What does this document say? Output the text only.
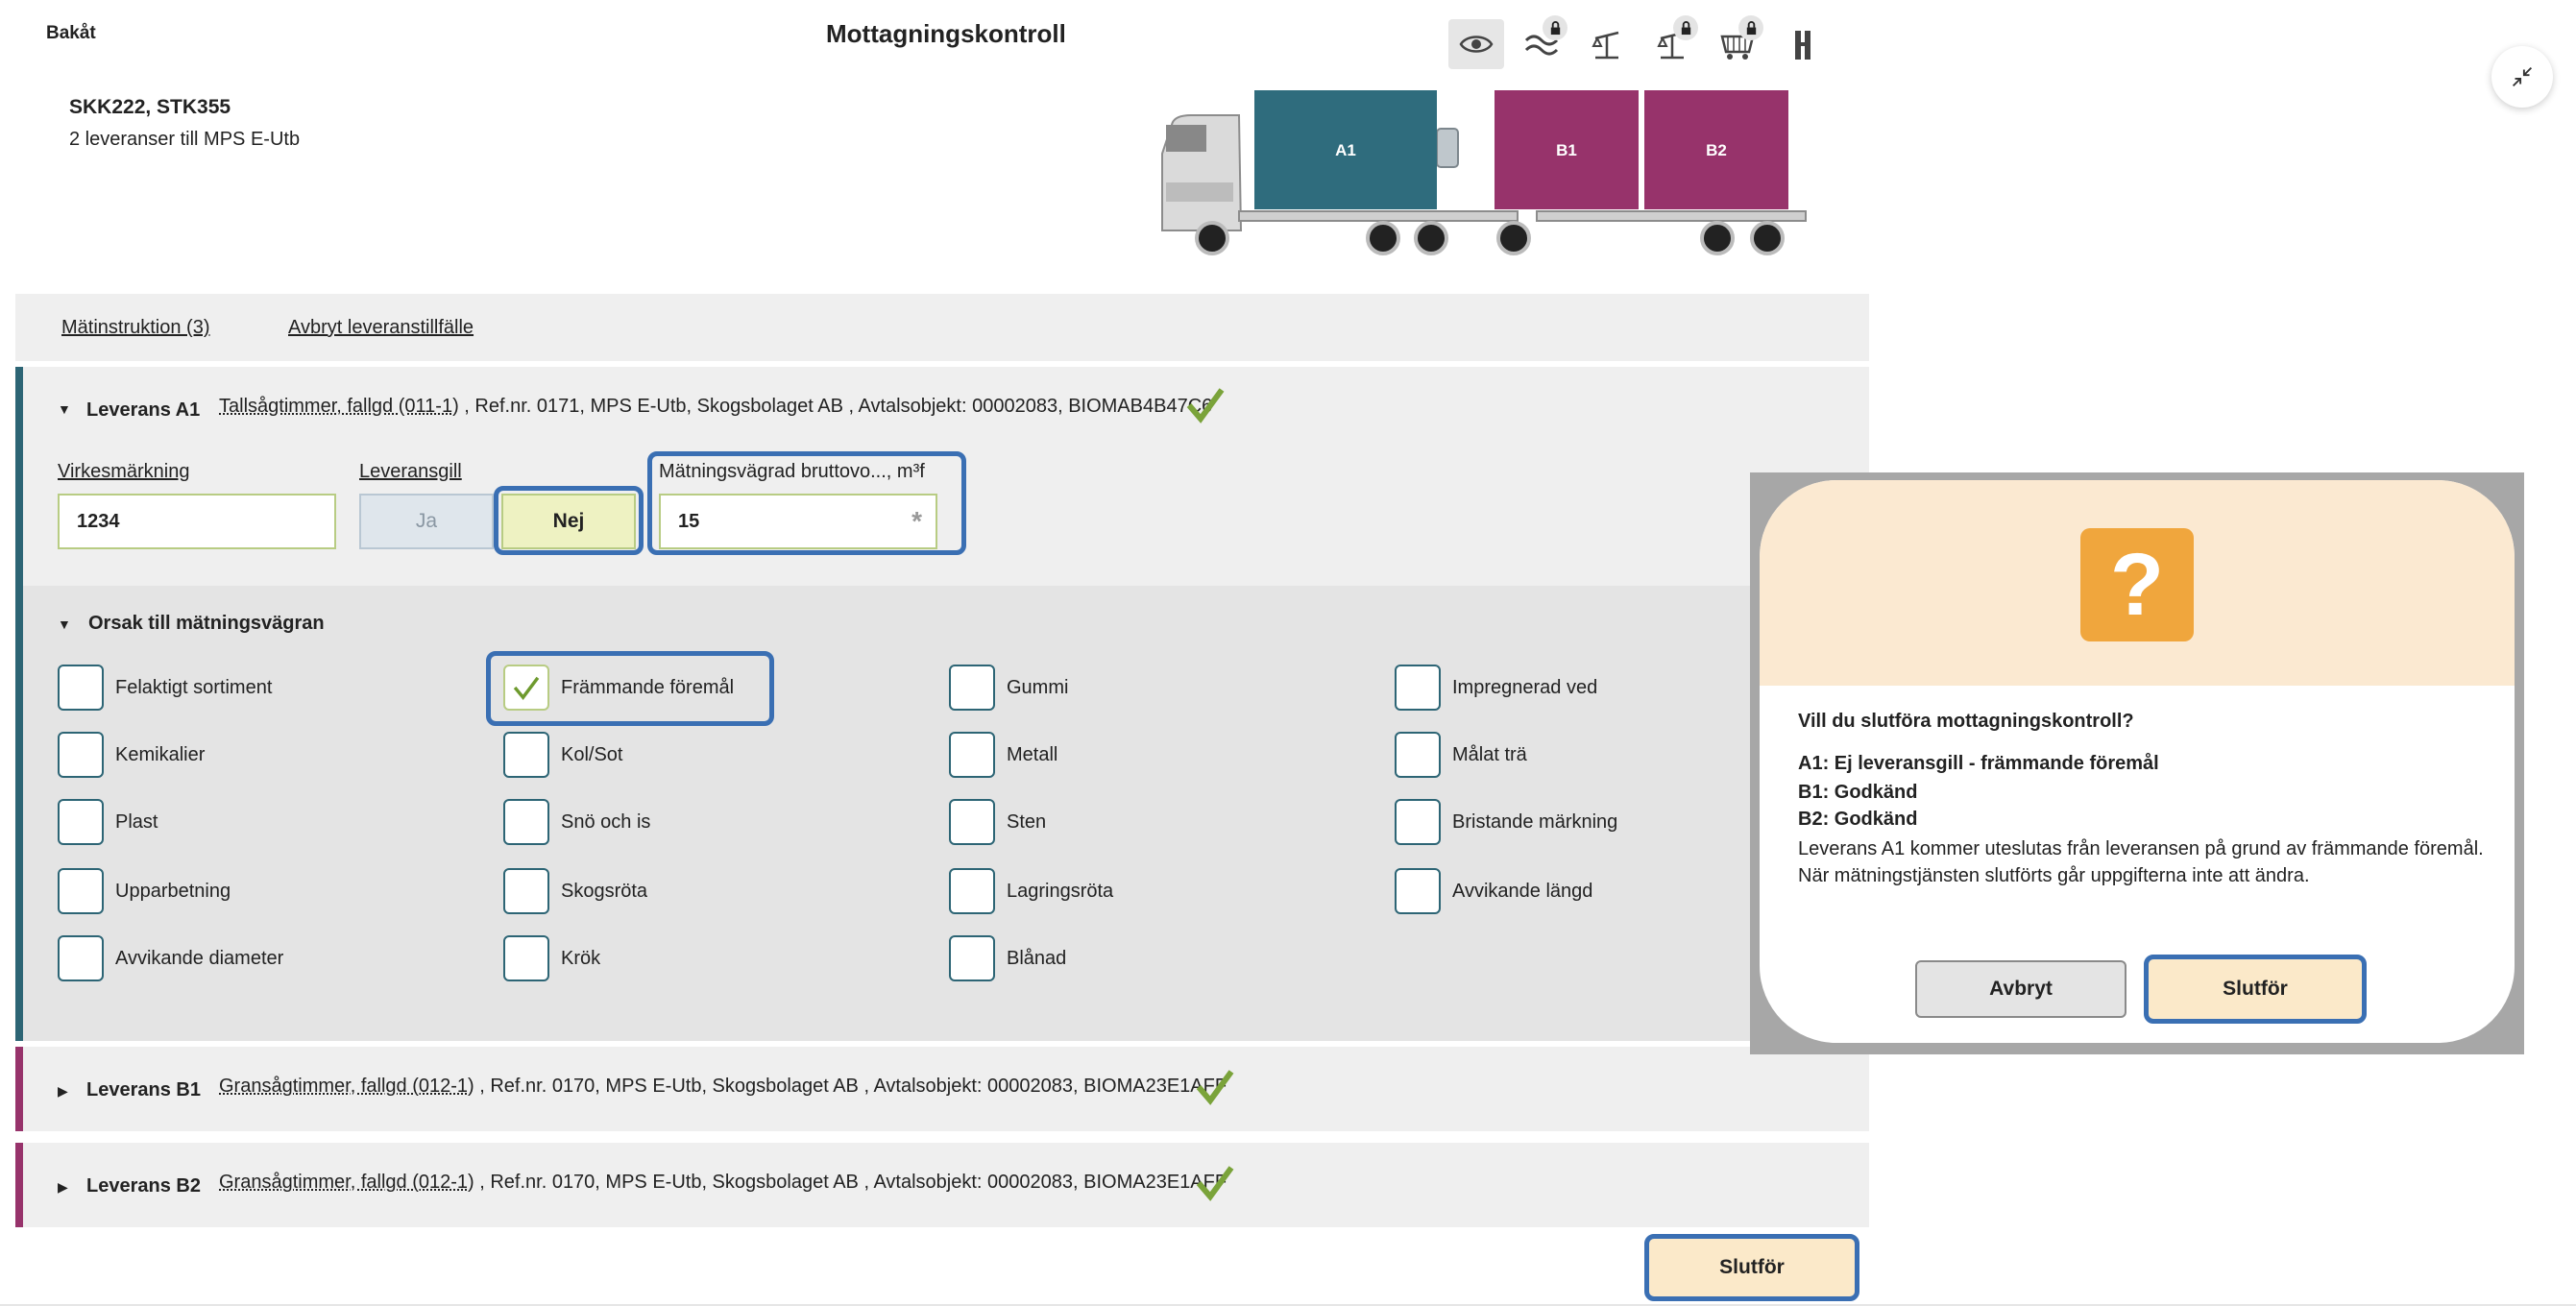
Bakåt	Mottagningskontroll
SKK222, STK355
2 leveranser till MPS E-Utb
A1	B1	B2
Mätinstruktion (3)	Avbryt leveranstillfälle
▼ Leverans A1 Tallsågtimmer, fallgd (011-1) , Ref.nr. 0171, MPS E-Utb, Skogsbolaget AB , Avtalsobjekt: 00002083, BIOMAB4B47C6
Virkesmärkning
1234
Leveransgill
Ja	Nej
Mätningsvägrad bruttovo..., m³f
15	*
▼ Orsak till mätningsvägran
Felaktigt sortiment	Främmande föremål	Gummi	Impregnerad ved
Kemikalier	Kol/Sot	Metall	Målat trä
Plast	Snö och is	Sten	Bristande märkning
Upparbetning	Skogsröta	Lagringsröta	Avvikande längd
Avvikande diameter	Krök	Blånad
▶ Leverans B1 Gransågtimmer, fallgd (012-1) , Ref.nr. 0170, MPS E-Utb, Skogsbolaget AB , Avtalsobjekt: 00002083, BIOMA23E1AFF
▶ Leverans B2 Gransågtimmer, fallgd (012-1) , Ref.nr. 0170, MPS E-Utb, Skogsbolaget AB , Avtalsobjekt: 00002083, BIOMA23E1AFF
Slutför
?
Vill du slutföra mottagningskontroll?
A1: Ej leveransgill - främmande föremål
B1: Godkänd
B2: Godkänd
Leverans A1 kommer uteslutas från leveransen på grund av främmande föremål. När mätningstjänsten slutförts går uppgifterna inte att ändra.
Avbryt	Slutför
